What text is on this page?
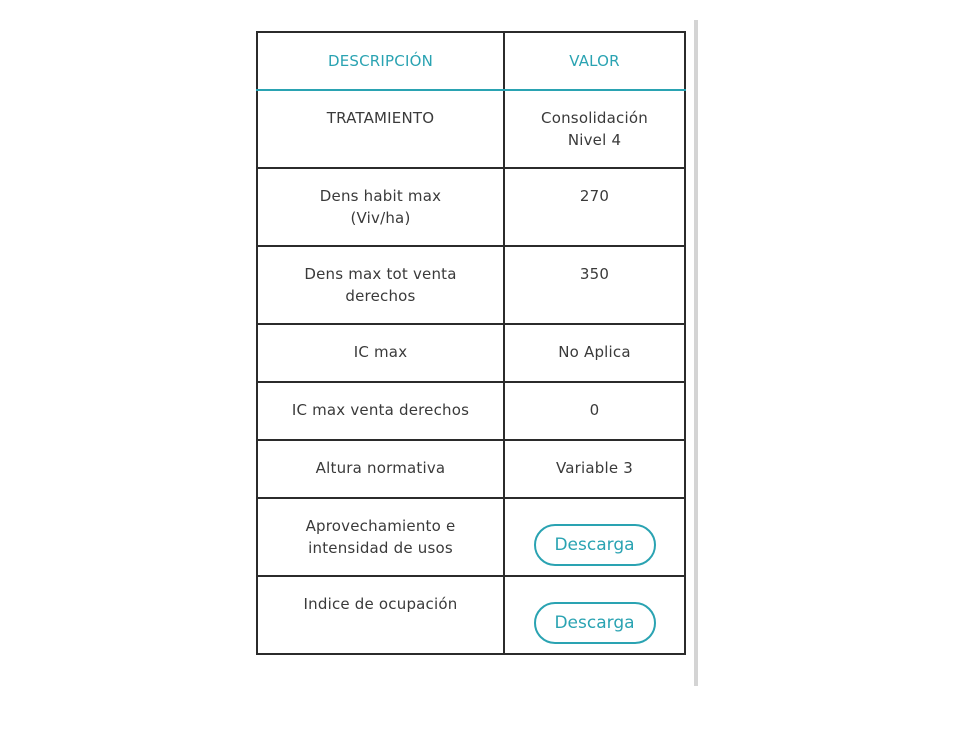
DESCRIPCIÓN	VALOR

TRATAMIENTO	Consolidación Nivel 4

Dens habit max (Viv/ha)	270

Dens max tot venta derechos	350

IC max	No Aplica

IC max venta derechos	0

Altura normativa	Variable 3

Aprovechamiento e intensidad de usos	Descarga

Indice de ocupación	Descarga
